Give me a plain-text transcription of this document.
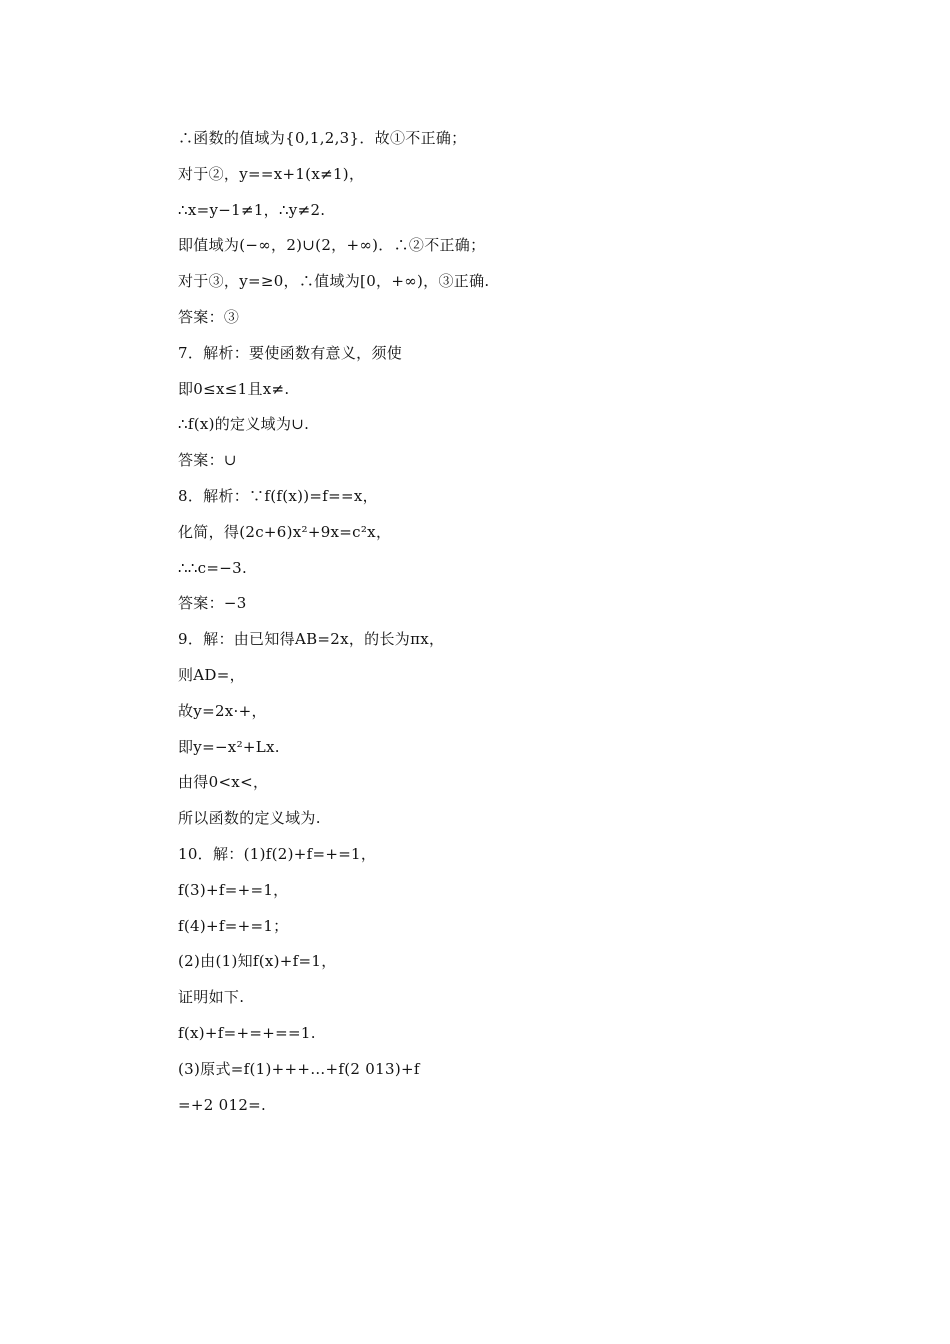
∴函数的值域为{0,1,2,3}．故①不正确；
对于②，y==x+1(x≠1)，
∴x=y−1≠1，∴y≠2.
即值域为(−∞，2)∪(2，+∞)．∴②不正确；
对于③，y=≥0，∴值域为[0，+∞)，③正确.
答案：③
7．解析：要使函数有意义，须使
即0≤x≤1且x≠.
∴f(x)的定义域为∪.
答案：∪
8．解析：∵f(f(x))=f==x，
化简，得(2c+6)x²+9x=c²x，
∴∴c=−3.
答案：−3
9．解：由已知得AB=2x，的长为πx，
则AD=，
故y=2x·+，
即y=−x²+Lx.
由得0<x<，
所以函数的定义域为.
10．解：(1)f(2)+f=+=1，
f(3)+f=+=1，
f(4)+f=+=1；
(2)由(1)知f(x)+f=1，
证明如下.
f(x)+f=+=+==1.
(3)原式=f(1)+++…+f(2 013)+f
=+2 012=.
